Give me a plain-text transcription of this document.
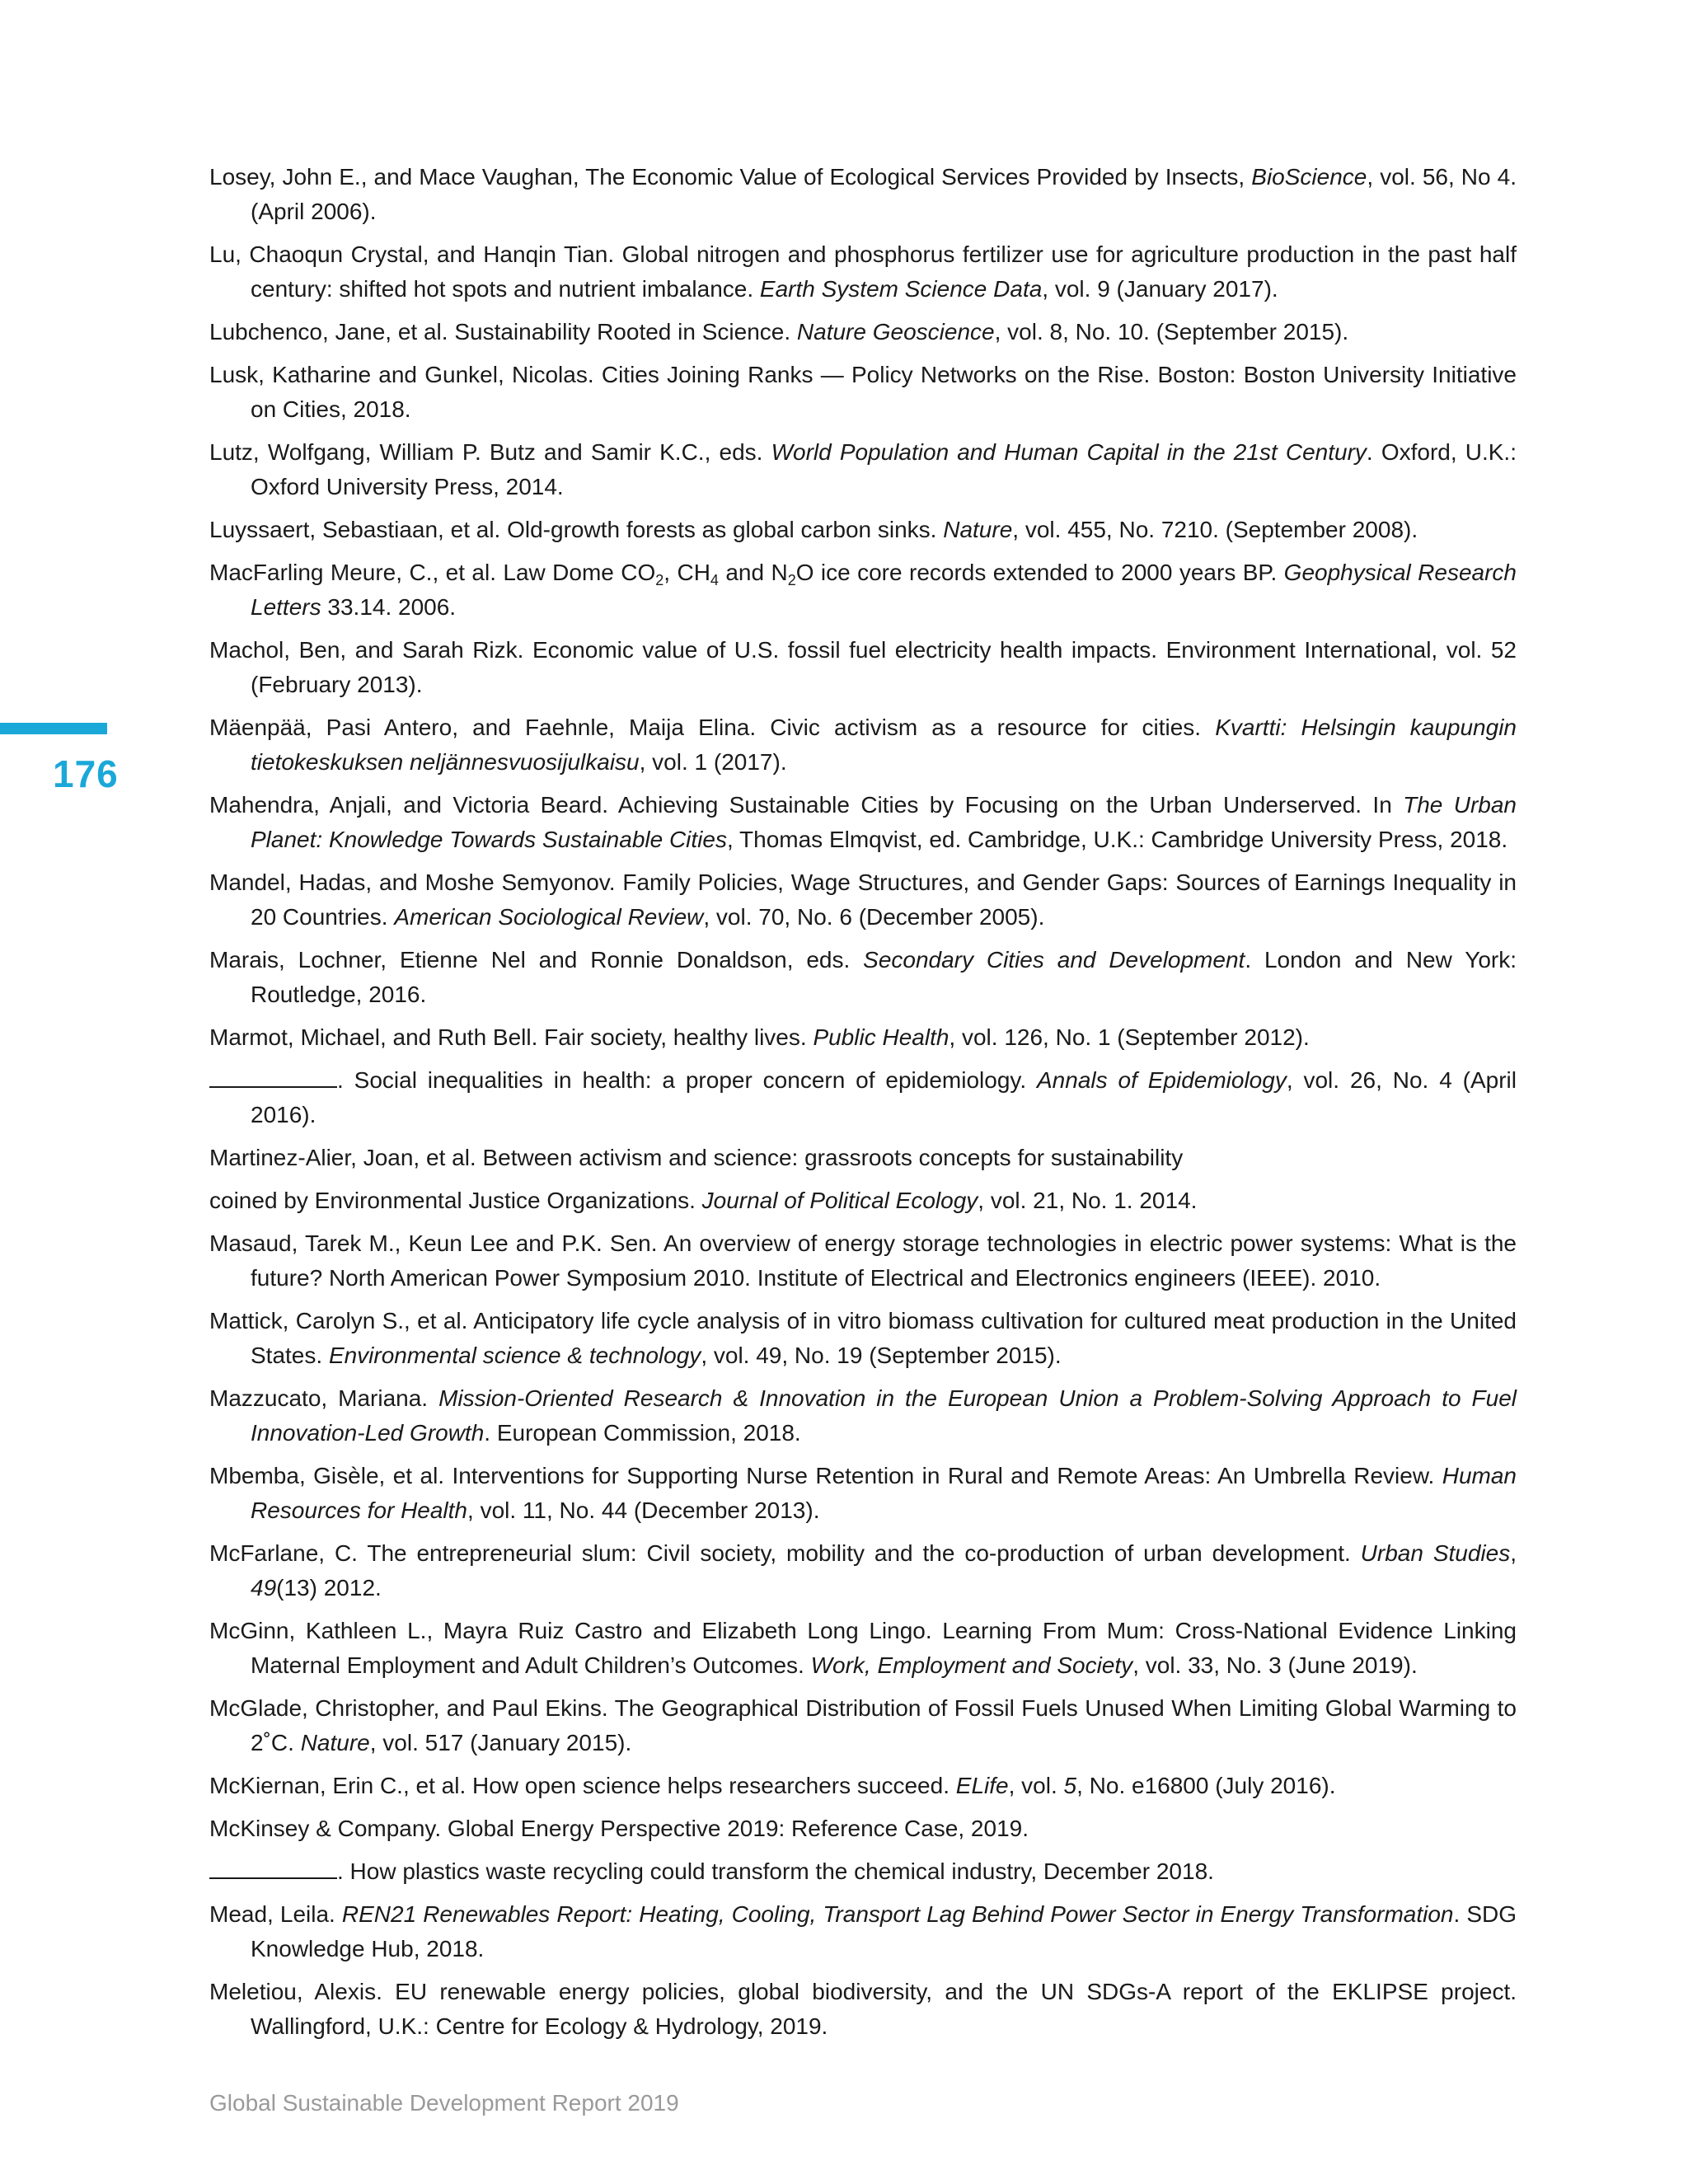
176
Losey, John E., and Mace Vaughan, The Economic Value of Ecological Services Provided by Insects, BioScience, vol. 56, No 4. (April 2006).
Lu, Chaoqun Crystal, and Hanqin Tian. Global nitrogen and phosphorus fertilizer use for agriculture production in the past half century: shifted hot spots and nutrient imbalance. Earth System Science Data, vol. 9 (January 2017).
Lubchenco, Jane, et al. Sustainability Rooted in Science. Nature Geoscience, vol. 8, No. 10. (September 2015).
Lusk, Katharine and Gunkel, Nicolas. Cities Joining Ranks — Policy Networks on the Rise. Boston: Boston University Initiative on Cities, 2018.
Lutz, Wolfgang, William P. Butz and Samir K.C., eds. World Population and Human Capital in the 21st Century. Oxford, U.K.: Oxford University Press, 2014.
Luyssaert, Sebastiaan, et al. Old-growth forests as global carbon sinks. Nature, vol. 455, No. 7210. (September 2008).
MacFarling Meure, C., et al. Law Dome $CO_2$, $CH_4$ and $N_2O$ ice core records extended to 2000 years BP. Geophysical Research Letters 33.14. 2006.
Machol, Ben, and Sarah Rizk. Economic value of U.S. fossil fuel electricity health impacts. Environment International, vol. 52 (February 2013).
Mäenpää, Pasi Antero, and Faehnle, Maija Elina. Civic activism as a resource for cities. Kvartti: Helsingin kaupungin tietokeskuksen neljännesvuosijulkaisu, vol. 1 (2017).
Mahendra, Anjali, and Victoria Beard. Achieving Sustainable Cities by Focusing on the Urban Underserved. In The Urban Planet: Knowledge Towards Sustainable Cities, Thomas Elmqvist, ed. Cambridge, U.K.: Cambridge University Press, 2018.
Mandel, Hadas, and Moshe Semyonov. Family Policies, Wage Structures, and Gender Gaps: Sources of Earnings Inequality in 20 Countries. American Sociological Review, vol. 70, No. 6 (December 2005).
Marais, Lochner, Etienne Nel and Ronnie Donaldson, eds. Secondary Cities and Development. London and New York: Routledge, 2016.
Marmot, Michael, and Ruth Bell. Fair society, healthy lives. Public Health, vol. 126, No. 1 (September 2012).
. Social inequalities in health: a proper concern of epidemiology. Annals of Epidemiology, vol. 26, No. 4 (April 2016).
Martinez-Alier, Joan, et al. Between activism and science: grassroots concepts for sustainability
coined by Environmental Justice Organizations. Journal of Political Ecology, vol. 21, No. 1. 2014.
Masaud, Tarek M., Keun Lee and P.K. Sen. An overview of energy storage technologies in electric power systems: What is the future? North American Power Symposium 2010. Institute of Electrical and Electronics engineers (IEEE). 2010.
Mattick, Carolyn S., et al. Anticipatory life cycle analysis of in vitro biomass cultivation for cultured meat production in the United States. Environmental science & technology, vol. 49, No. 19 (September 2015).
Mazzucato, Mariana. Mission-Oriented Research & Innovation in the European Union a Problem-Solving Approach to Fuel Innovation-Led Growth. European Commission, 2018.
Mbemba, Gisèle, et al. Interventions for Supporting Nurse Retention in Rural and Remote Areas: An Umbrella Review. Human Resources for Health, vol. 11, No. 44 (December 2013).
McFarlane, C. The entrepreneurial slum: Civil society, mobility and the co-production of urban development. Urban Studies, 49(13) 2012.
McGinn, Kathleen L., Mayra Ruiz Castro and Elizabeth Long Lingo. Learning From Mum: Cross-National Evidence Linking Maternal Employment and Adult Children’s Outcomes. Work, Employment and Society, vol. 33, No. 3 (June 2019).
McGlade, Christopher, and Paul Ekins. The Geographical Distribution of Fossil Fuels Unused When Limiting Global Warming to 2˚C. Nature, vol. 517 (January 2015).
McKiernan, Erin C., et al. How open science helps researchers succeed. ELife, vol. 5, No. e16800 (July 2016).
McKinsey & Company. Global Energy Perspective 2019: Reference Case, 2019.
. How plastics waste recycling could transform the chemical industry, December 2018.
Mead, Leila. REN21 Renewables Report: Heating, Cooling, Transport Lag Behind Power Sector in Energy Transformation. SDG Knowledge Hub, 2018.
Meletiou, Alexis. EU renewable energy policies, global biodiversity, and the UN SDGs-A report of the EKLIPSE project. Wallingford, U.K.: Centre for Ecology & Hydrology, 2019.
Global Sustainable Development Report 2019
